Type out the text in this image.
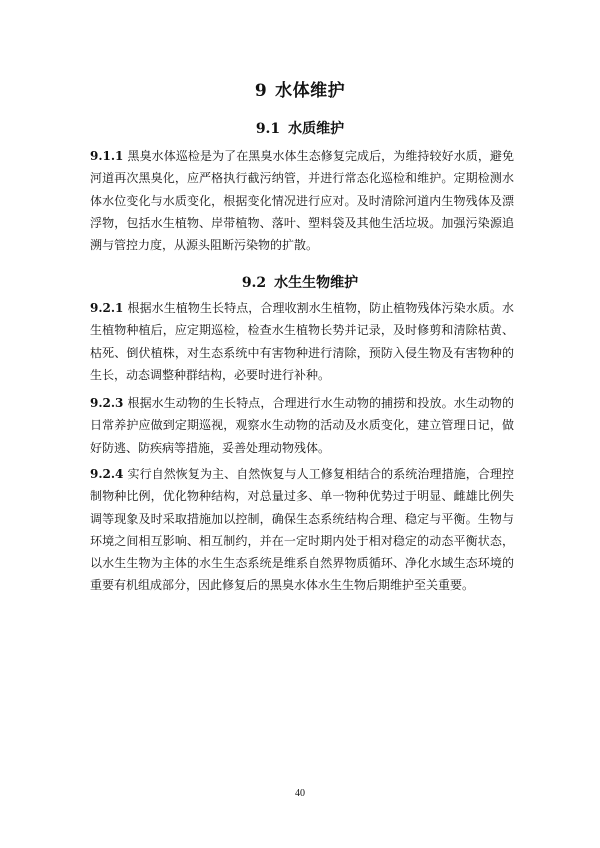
9 水体维护
9.1 水质维护

9.1.1 黑臭水体巡检是为了在黑臭水体生态修复完成后，为维持较好水质，避免河道再次黑臭化，应严格执行截污纳管，并进行常态化巡检和维护。定期检测水体水位变化与水质变化，根据变化情况进行应对。及时清除河道内生物残体及漂浮物，包括水生植物、岸带植物、落叶、塑料袋及其他生活垃圾。加强污染源追溯与管控力度，从源头阻断污染物的扩散。

9.2 水生生物维护

9.2.1 根据水生植物生长特点，合理收割水生植物，防止植物残体污染水质。水生植物种植后，应定期巡检，检查水生植物长势并记录，及时修剪和清除枯黄、枯死、倒伏植株，对生态系统中有害物种进行清除，预防入侵生物及有害物种的生长，动态调整种群结构，必要时进行补种。

9.2.3 根据水生动物的生长特点，合理进行水生动物的捕捞和投放。水生动物的日常养护应做到定期巡视，观察水生动物的活动及水质变化，建立管理日记，做好防逃、防疾病等措施，妥善处理动物残体。

9.2.4 实行自然恢复为主、自然恢复与人工修复相结合的系统治理措施，合理控制物种比例，优化物种结构，对总量过多、单一物种优势过于明显、雌雄比例失调等现象及时采取措施加以控制，确保生态系统结构合理、稳定与平衡。生物与环境之间相互影响、相互制约，并在一定时期内处于相对稳定的动态平衡状态，以水生生物为主体的水生生态系统是维系自然界物质循环、净化水域生态环境的重要有机组成部分，因此修复后的黑臭水体水生生物后期维护至关重要。

40
